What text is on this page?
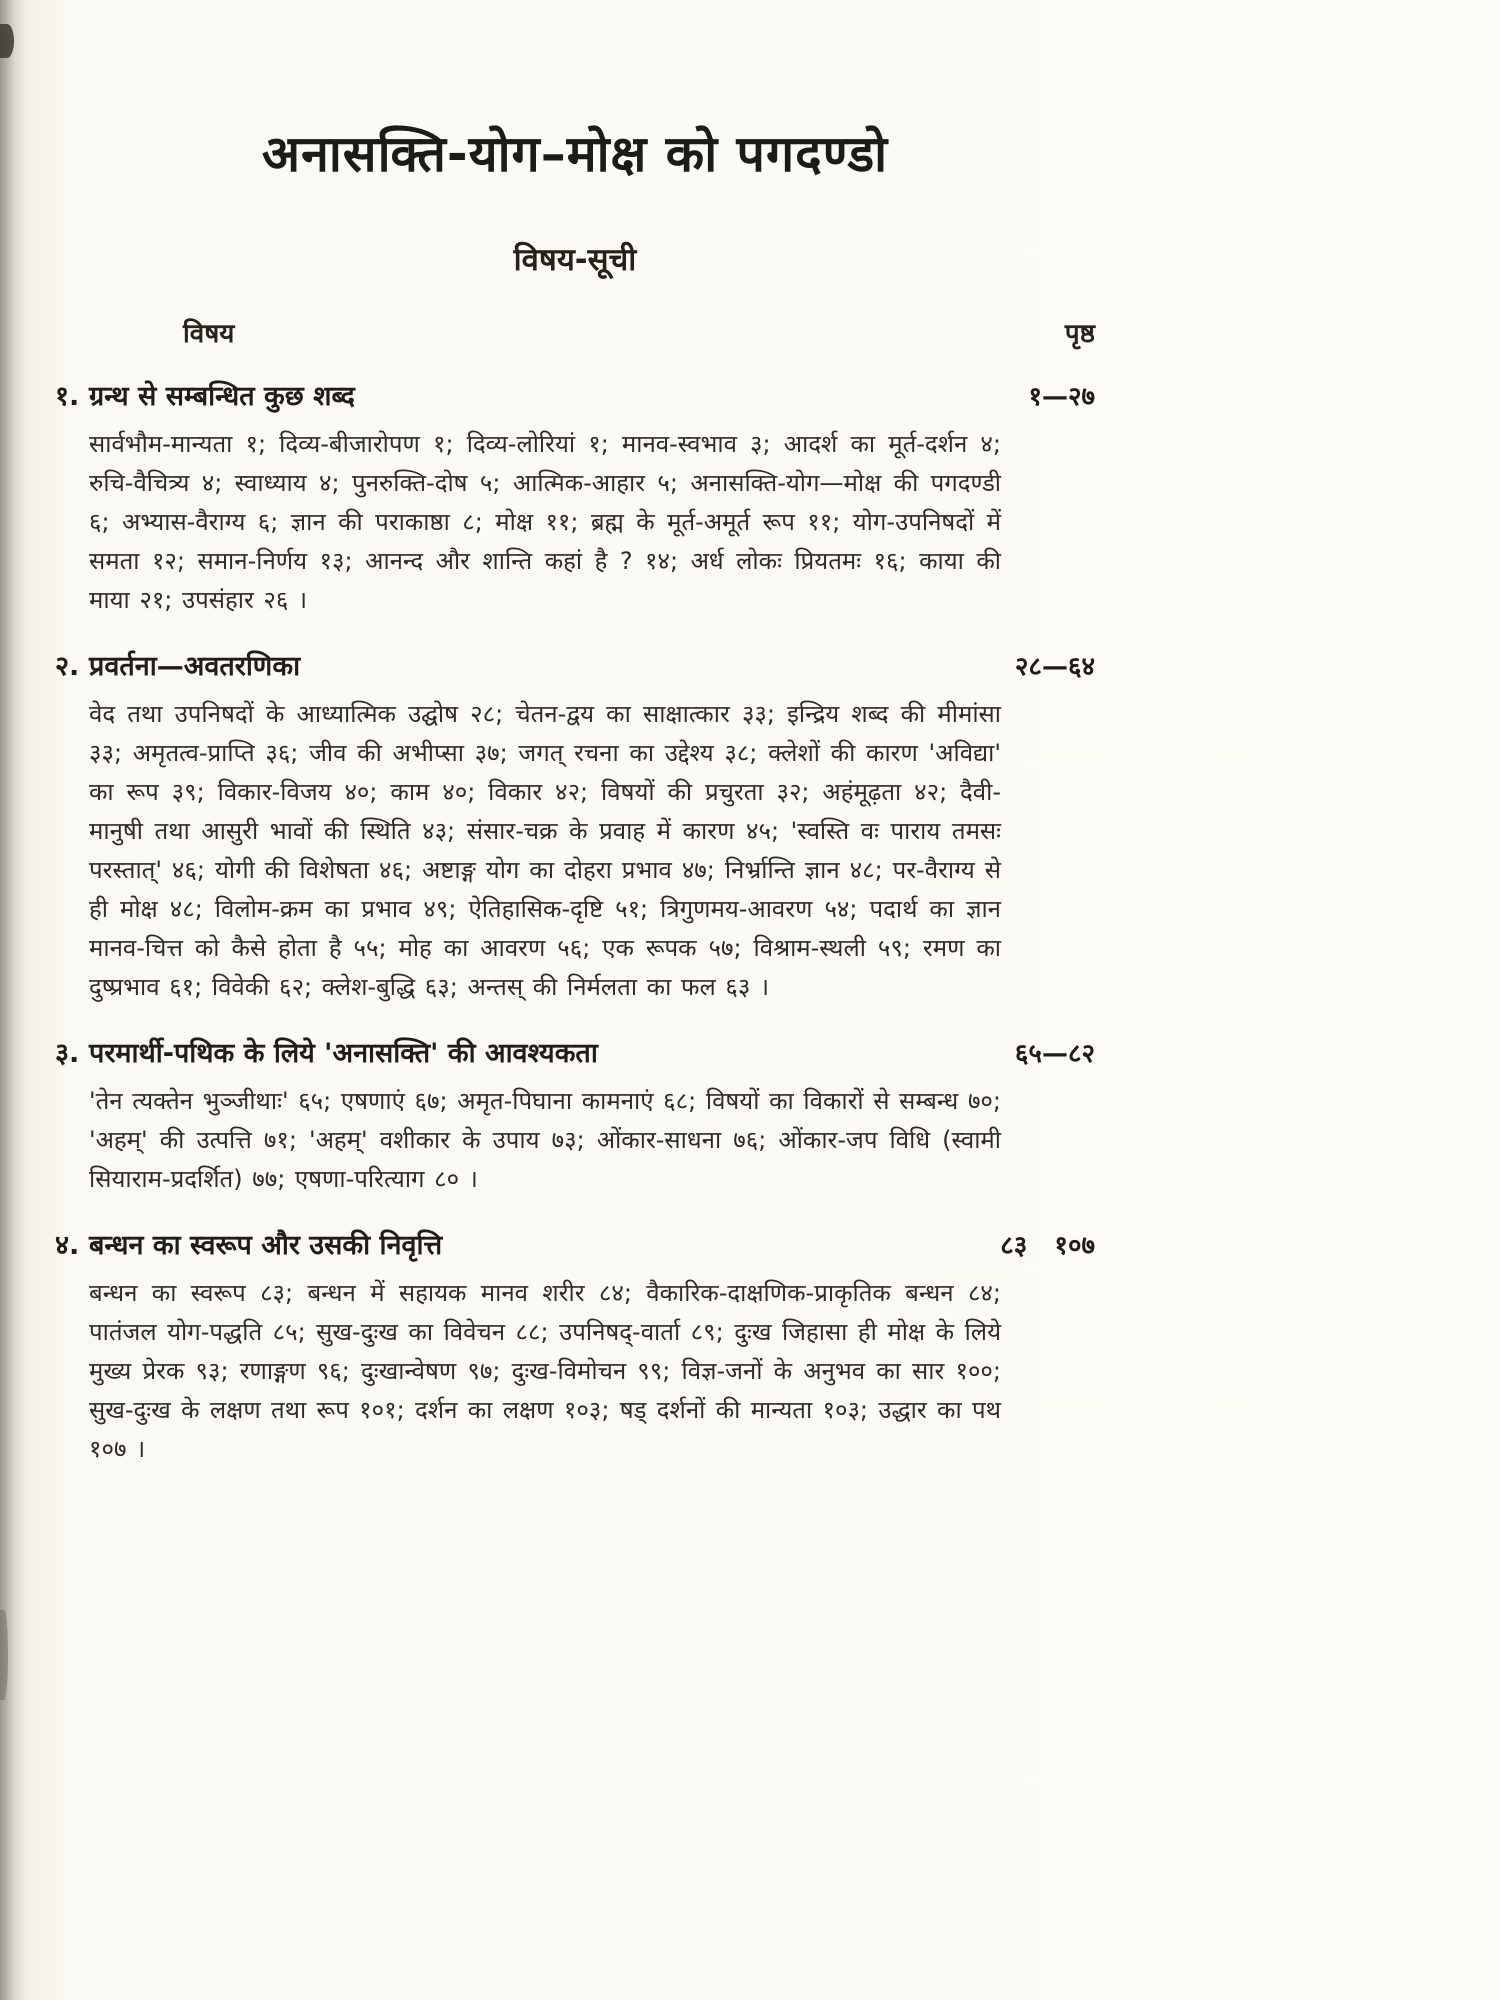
अनासक्ति-योग–मोक्ष को पगदण्डो
विषय-सूची
विषय	पृष्ठ
१. ग्रन्थ से सम्बन्धित कुछ शब्द	१—२७

सार्वभौम-मान्यता १; दिव्य-बीजारोपण १; दिव्य-लोरियां १; मानव-स्वभाव ३; आदर्श का मूर्त-दर्शन ४; रुचि-वैचित्र्य ४; स्वाध्याय ४; पुनरुक्ति-दोष ५; आत्मिक-आहार ५; अनासक्ति-योग—मोक्ष की पगदण्डी ६; अभ्यास-वैराग्य ६; ज्ञान की पराकाष्ठा ८; मोक्ष ११; ब्रह्म के मूर्त-अमूर्त रूप ११; योग-उपनिषदों में समता १२; समान-निर्णय १३; आनन्द और शान्ति कहां है ? १४; अर्ध लोकः प्रियतमः १६; काया की माया २१; उपसंहार २६ ।

२. प्रवर्तना—अवतरणिका	२८—६४

वेद तथा उपनिषदों के आध्यात्मिक उद्घोष २८; चेतन-द्वय का साक्षात्कार ३३; इन्द्रिय शब्द की मीमांसा ३३; अमृतत्व-प्राप्ति ३६; जीव की अभीप्सा ३७; जगत् रचना का उद्देश्य ३८; क्लेशों की कारण 'अविद्या' का रूप ३९; विकार-विजय ४०; काम ४०; विकार ४२; विषयों की प्रचुरता ३२; अहंमूढ़ता ४२; दैवी-मानुषी तथा आसुरी भावों की स्थिति ४३; संसार-चक्र के प्रवाह में कारण ४५; 'स्वस्ति वः पाराय तमसः परस्तात्' ४६; योगी की विशेषता ४६; अष्टाङ्ग योग का दोहरा प्रभाव ४७; निर्भ्रान्ति ज्ञान ४८; पर-वैराग्य से ही मोक्ष ४८; विलोम-क्रम का प्रभाव ४९; ऐतिहासिक-दृष्टि ५१; त्रिगुणमय-आवरण ५४; पदार्थ का ज्ञान मानव-चित्त को कैसे होता है ५५; मोह का आवरण ५६; एक रूपक ५७; विश्राम-स्थली ५९; रमण का दुष्प्रभाव ६१; विवेकी ६२; क्लेश-बुद्धि ६३; अन्तस् की निर्मलता का फल ६३ ।

३. परमार्थी-पथिक के लिये 'अनासक्ति' की आवश्यकता	६५—८२

'तेन त्यक्तेन भुञ्जीथाः' ६५; एषणाएं ६७; अमृत-पिघाना कामनाएं ६८; विषयों का विकारों से सम्बन्ध ७०; 'अहम्' की उत्पत्ति ७१; 'अहम्' वशीकार के उपाय ७३; ओंकार-साधना ७६; ओंकार-जप विधि (स्वामी सियाराम-प्रदर्शित) ७७; एषणा-परित्याग ८० ।

४. बन्धन का स्वरूप और उसकी निवृत्ति	८३   १०७

बन्धन का स्वरूप ८३; बन्धन में सहायक मानव शरीर ८४; वैकारिक-दाक्षणिक-प्राकृतिक बन्धन ८४; पातंजल योग-पद्धति ८५; सुख-दुःख का विवेचन ८८; उपनिषद्-वार्ता ८९; दुःख जिहासा ही मोक्ष के लिये मुख्य प्रेरक ९३; रणाङ्गण ९६; दुःखान्वेषण ९७; दुःख-विमोचन ९९; विज्ञ-जनों के अनुभव का सार १००; सुख-दुःख के लक्षण तथा रूप १०१; दर्शन का लक्षण १०३; षड् दर्शनों की मान्यता १०३; उद्धार का पथ १०७ ।
